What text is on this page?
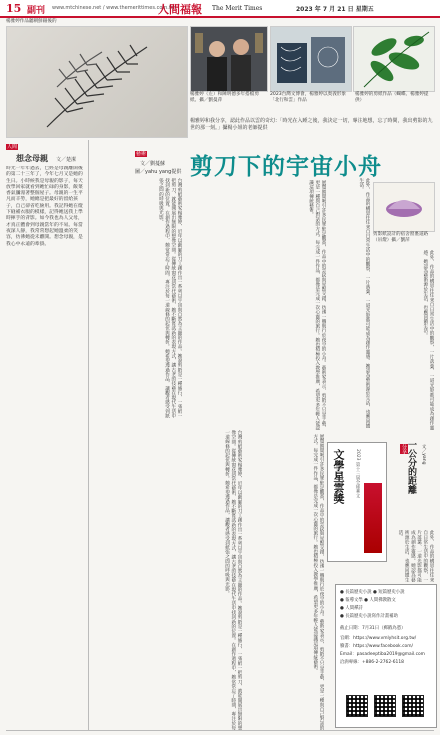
15 副刊 www.mtchinese.net / www.themerittimes.com.tw
人間福報 The Merit Times	2023 年 7 月 21 日 星期五
楊雅婷作品聽朝鮮銀後的
楊雅婷（左）和陳明德多年搭檔剪紙、攝／劉曼萍
2023台灣文博會，楊雅婷以奥義形象「北行和雲」作品
楊雅婷的剪紙作品（蝴蝶、楊雅婷提供）
楊雅婷和我分享，認此作品以雲的奇幻：「時光在入睡之後，我決定一切，專注地想，忘了時間，我出剪影的九世的那一刻。」攝楊小姐的老師提供
剪刀下的宇宙小舟
人間
想念母親 文／楚潔
時光一年年過去，已經是母親離開後的第二十三年了，今年七月又是她的生日。小時候我是母親的影子，每天放學回家就看到她忙碌的身影，飯菜香氣瀰漫著整個屋子。母親的一生平凡而辛勞，她總是把最好的留給孩子，自己卻省吃儉用。我記得她在燈下縫補衣服的模樣，記得她送我上學時揮手的背影。如今我也為人父母，才真正體會到母親當年的不易。每當夜深人靜，我常常想起她溫柔的笑容，彷彿她從未離開。想念母親，是我心中永遠的牽掛。
藝術
文／劉蔓蘇
圖／yahu yang提供
台灣剪紙藝術家楊雅婷，近年以細膩的刀工創作出一系列以宇宙與自然為主題的作品。她說剪紙是一種修行，一張紙一把剪刀，就能開展出無限的想像空間。從傳統窗花到當代藝術，她不斷嘗試新的表現方式，讓古老的技藝在現代生活中找到新的位置。在創作過程中，她常常忘了時間，專注於每一道線條的起伏與轉折。她希望透過作品，讓觀者感受到紙張之間的呼吸與光影。	展覽期間吸引許多民眾駐足觀賞，作品中的雲紋與星點交錯，彷彿一艘航行於夜空的小舟。藝術家表示，剪紙不只是手藝，更是一種與自己對話的方式。每完成一件作品，都像是完成一次心靈的旅行。她也積極投入教學推廣，希望更多年輕人能認識這項傳統藝術。
台灣剪紙藝術家楊雅婷，近年以細膩的刀工創作出一系列以宇宙與自然為主題的作品。她說剪紙是一種修行，一張紙一把剪刀，就能開展出無限的想像空間。從傳統窗花到當代藝術，她不斷嘗試新的表現方式，讓古老的技藝在現代生活中找到新的位置。在創作過程中，她常常忘了時間，專注於每一道線條的起伏與轉折。她希望透過作品，讓觀者感受到紙張之間的呼吸與光影。	展覽期間吸引許多民眾駐足觀賞，作品中的雲紋與星點交錯，彷彿一艘航行於夜空的小舟。藝術家表示，剪紙不只是手藝，更是一種與自己對話的方式。每完成一件作品，都像是完成一次心靈的旅行。她也積極投入教學推廣，希望更多年輕人能認識這項傳統藝術。
此外，作品的構思往往來自日常生活中的觀察，一片落葉、一道光影都可能成為創作靈感。她認為藝術源於生活，也應回饋生活。
剪影紙設計的宿舍窗裏道路（吊燈）攝／劉萍
此外，作品的構思往往來自日常生活中的觀察，一片落葉、一道光影都可能成為創作靈感。她認為藝術源於生活，也應回饋生活。
文學星雲獎	2023 第十三屆全球華文	分享 一公分的距離	文／yang
此外，作品的構思往往來自日常生活中的觀察，一片落葉、一道光影都可能成為創作靈感。她認為藝術源於生活，也應回饋生活。
● 長篇歷史小說 ● 短篇歷史小說
● 報導文學 ● 人間佛教散文
● 人間禪詩
● 長篇歷史小說寫作計畫補助
截止日期：7月31日（郵戳為憑）
官網：https://www.vmlyhsit.org.tw/
臉書：https://www.facebook.com/
Email：pasadeeptiba2019@gmail.com
洽詢專線：+886-2-2762-6118
